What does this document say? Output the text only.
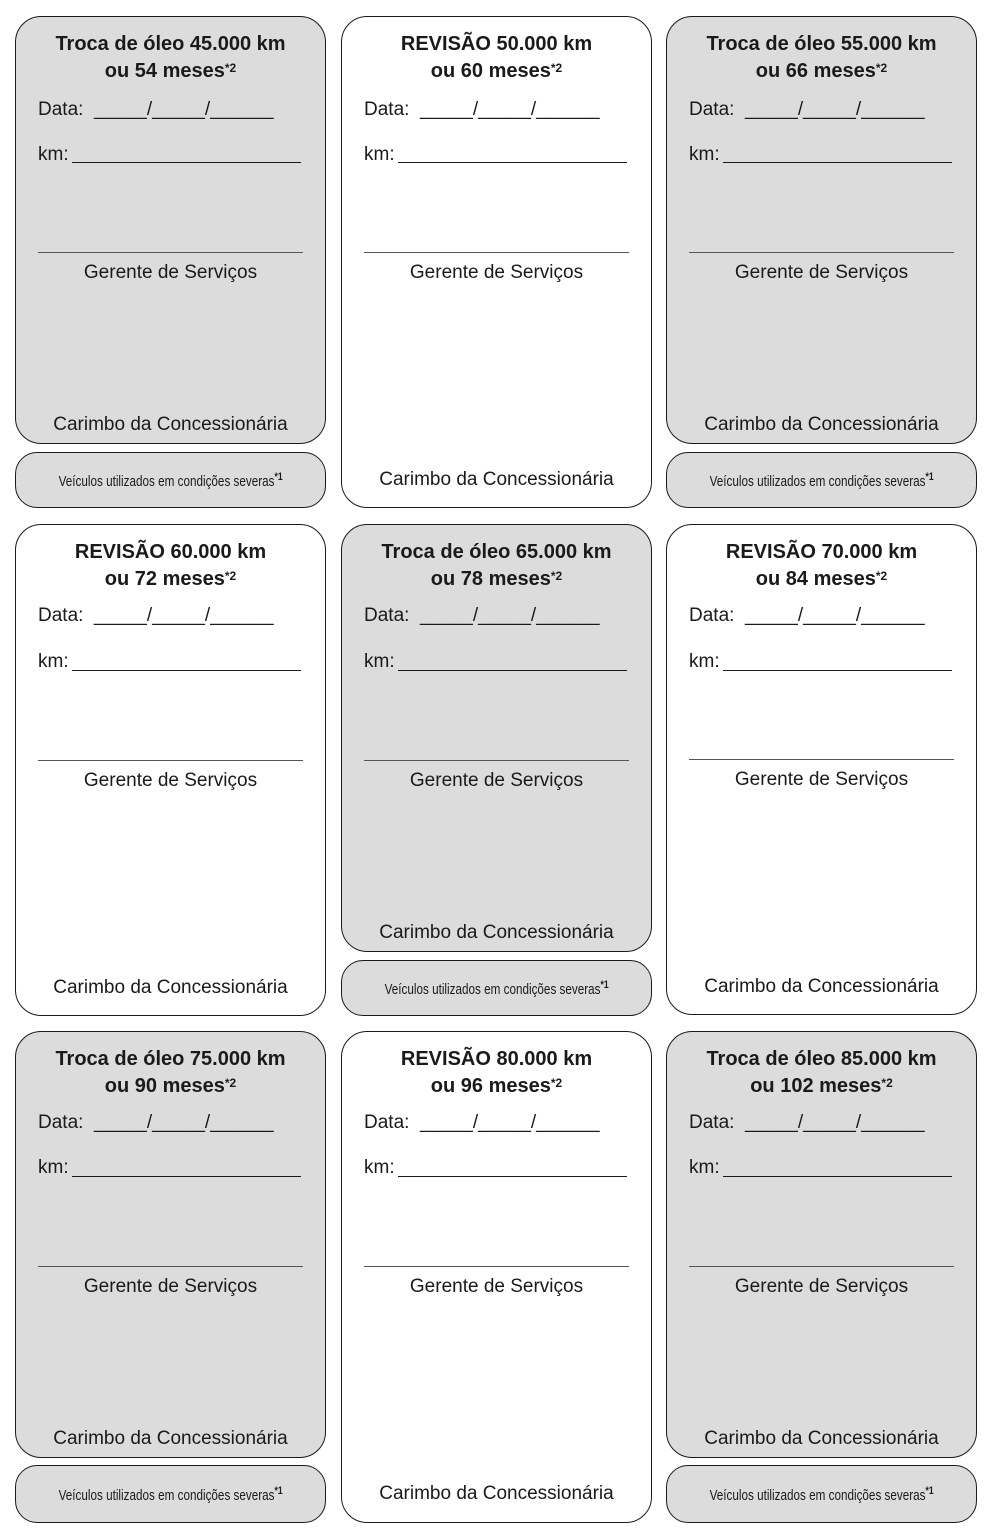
Troca de óleo 45.000 km
ou 54 meses$^{*2}$
Data: _____/_____/______
km:
Gerente de Serviços
Carimbo da Concessionária
Veículos utilizados em condições severas$^{*1}$
REVISÃO 50.000 km
ou 60 meses$^{*2}$
Data: _____/_____/______
km:
Gerente de Serviços
Carimbo da Concessionária
Troca de óleo 55.000 km
ou 66 meses$^{*2}$
Data: _____/_____/______
km:
Gerente de Serviços
Carimbo da Concessionária
Veículos utilizados em condições severas$^{*1}$
REVISÃO 60.000 km
ou 72 meses$^{*2}$
Data: _____/_____/______
km:
Gerente de Serviços
Carimbo da Concessionária
Troca de óleo 65.000 km
ou 78 meses$^{*2}$
Data: _____/_____/______
km:
Gerente de Serviços
Carimbo da Concessionária
Veículos utilizados em condições severas$^{*1}$
REVISÃO 70.000 km
ou 84 meses$^{*2}$
Data: _____/_____/______
km:
Gerente de Serviços
Carimbo da Concessionária
Troca de óleo 75.000 km
ou 90 meses$^{*2}$
Data: _____/_____/______
km:
Gerente de Serviços
Carimbo da Concessionária
Veículos utilizados em condições severas$^{*1}$
REVISÃO 80.000 km
ou 96 meses$^{*2}$
Data: _____/_____/______
km:
Gerente de Serviços
Carimbo da Concessionária
Troca de óleo 85.000 km
ou 102 meses$^{*2}$
Data: _____/_____/______
km:
Gerente de Serviços
Carimbo da Concessionária
Veículos utilizados em condições severas$^{*1}$
